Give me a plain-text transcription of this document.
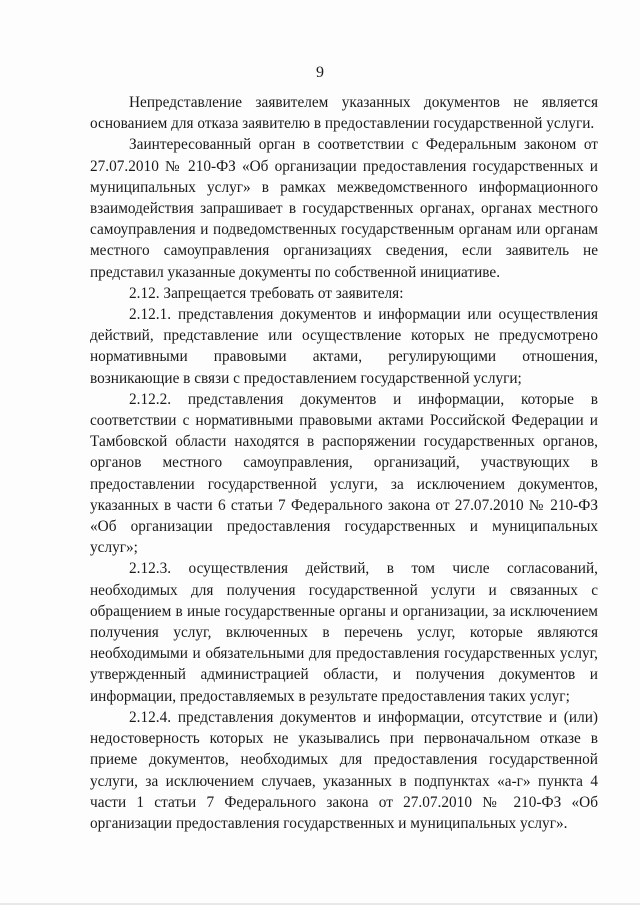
9

Непредставление заявителем указанных документов не является основанием для отказа заявителю в предоставлении государственной услуги.

Заинтересованный орган в соответствии с Федеральным законом от 27.07.2010 № 210-ФЗ «Об организации предоставления государственных и муниципальных услуг» в рамках межведомственного информационного взаимодействия запрашивает в государственных органах, органах местного самоуправления и подведомственных государственным органам или органам местного самоуправления организациях сведения, если заявитель не представил указанные документы по собственной инициативе.

2.12. Запрещается требовать от заявителя:

2.12.1. представления документов и информации или осуществления действий, представление или осуществление которых не предусмотрено нормативными правовыми актами, регулирующими отношения, возникающие в связи с предоставлением государственной услуги;

2.12.2. представления документов и информации, которые в соответствии с нормативными правовыми актами Российской Федерации и Тамбовской области находятся в распоряжении государственных органов, органов местного самоуправления, организаций, участвующих в предоставлении государственной услуги, за исключением документов, указанных в части 6 статьи 7 Федерального закона от 27.07.2010 № 210-ФЗ «Об организации предоставления государственных и муниципальных услуг»;

2.12.3. осуществления действий, в том числе согласований, необходимых для получения государственной услуги и связанных с обращением в иные государственные органы и организации, за исключением получения услуг, включенных в перечень услуг, которые являются необходимыми и обязательными для предоставления государственных услуг, утвержденный администрацией области, и получения документов и информации, предоставляемых в результате предоставления таких услуг;

2.12.4. представления документов и информации, отсутствие и (или) недостоверность которых не указывались при первоначальном отказе в приеме документов, необходимых для предоставления государственной услуги, за исключением случаев, указанных в подпунктах «а-г» пункта 4 части 1 статьи 7 Федерального закона от 27.07.2010 № 210-ФЗ «Об организации предоставления государственных и муниципальных услуг».
